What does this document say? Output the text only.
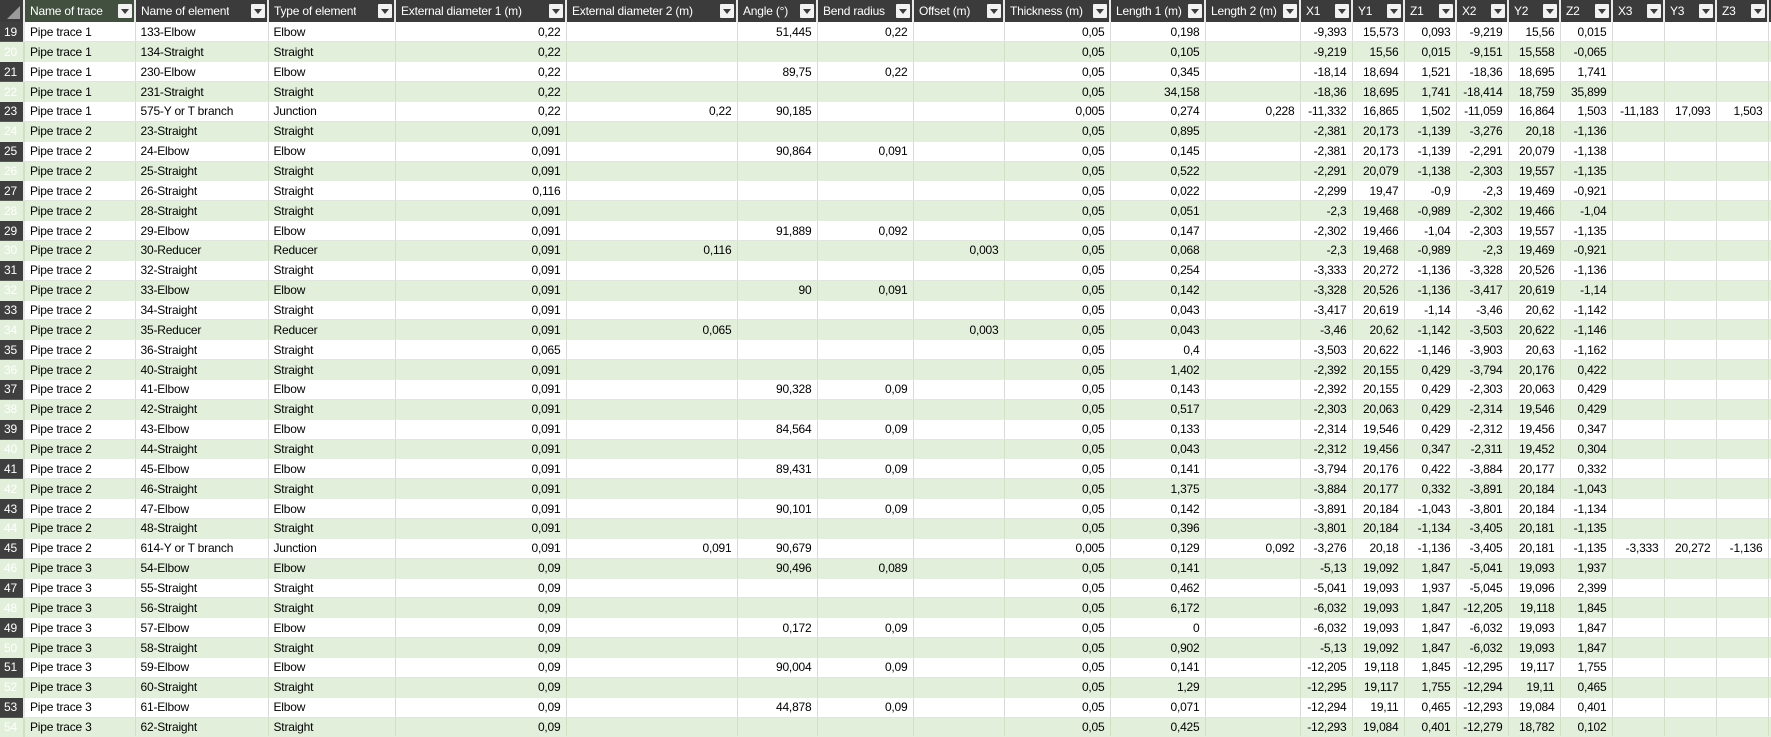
	Name of trace	Name of element	Type of element	External diameter 1 (m)	External diameter 2 (m)	Angle (°)	Bend radius	Offset (m)	Thickness (m)	Length 1 (m)	Length 2 (m)	X1	Y1	Z1	X2	Y2	Z2	X3	Y3	Z3	

19	Pipe trace 1	133-Elbow	Elbow	0,22		51,445	0,22		0,05	0,198		-9,393	15,573	0,093	-9,219	15,56	0,015				
20	Pipe trace 1	134-Straight	Straight	0,22					0,05	0,105		-9,219	15,56	0,015	-9,151	15,558	-0,065				
21	Pipe trace 1	230-Elbow	Elbow	0,22		89,75	0,22		0,05	0,345		-18,14	18,694	1,521	-18,36	18,695	1,741				
22	Pipe trace 1	231-Straight	Straight	0,22					0,05	34,158		-18,36	18,695	1,741	-18,414	18,759	35,899				
23	Pipe trace 1	575-Y or T branch	Junction	0,22	0,22	90,185			0,005	0,274	0,228	-11,332	16,865	1,502	-11,059	16,864	1,503	-11,183	17,093	1,503	
24	Pipe trace 2	23-Straight	Straight	0,091					0,05	0,895		-2,381	20,173	-1,139	-3,276	20,18	-1,136				
25	Pipe trace 2	24-Elbow	Elbow	0,091		90,864	0,091		0,05	0,145		-2,381	20,173	-1,139	-2,291	20,079	-1,138				
26	Pipe trace 2	25-Straight	Straight	0,091					0,05	0,522		-2,291	20,079	-1,138	-2,303	19,557	-1,135				
27	Pipe trace 2	26-Straight	Straight	0,116					0,05	0,022		-2,299	19,47	-0,9	-2,3	19,469	-0,921				
28	Pipe trace 2	28-Straight	Straight	0,091					0,05	0,051		-2,3	19,468	-0,989	-2,302	19,466	-1,04				
29	Pipe trace 2	29-Elbow	Elbow	0,091		91,889	0,092		0,05	0,147		-2,302	19,466	-1,04	-2,303	19,557	-1,135				
30	Pipe trace 2	30-Reducer	Reducer	0,091	0,116			0,003	0,05	0,068		-2,3	19,468	-0,989	-2,3	19,469	-0,921				
31	Pipe trace 2	32-Straight	Straight	0,091					0,05	0,254		-3,333	20,272	-1,136	-3,328	20,526	-1,136				
32	Pipe trace 2	33-Elbow	Elbow	0,091		90	0,091		0,05	0,142		-3,328	20,526	-1,136	-3,417	20,619	-1,14				
33	Pipe trace 2	34-Straight	Straight	0,091					0,05	0,043		-3,417	20,619	-1,14	-3,46	20,62	-1,142				
34	Pipe trace 2	35-Reducer	Reducer	0,091	0,065			0,003	0,05	0,043		-3,46	20,62	-1,142	-3,503	20,622	-1,146				
35	Pipe trace 2	36-Straight	Straight	0,065					0,05	0,4		-3,503	20,622	-1,146	-3,903	20,63	-1,162				
36	Pipe trace 2	40-Straight	Straight	0,091					0,05	1,402		-2,392	20,155	0,429	-3,794	20,176	0,422				
37	Pipe trace 2	41-Elbow	Elbow	0,091		90,328	0,09		0,05	0,143		-2,392	20,155	0,429	-2,303	20,063	0,429				
38	Pipe trace 2	42-Straight	Straight	0,091					0,05	0,517		-2,303	20,063	0,429	-2,314	19,546	0,429				
39	Pipe trace 2	43-Elbow	Elbow	0,091		84,564	0,09		0,05	0,133		-2,314	19,546	0,429	-2,312	19,456	0,347				
40	Pipe trace 2	44-Straight	Straight	0,091					0,05	0,043		-2,312	19,456	0,347	-2,311	19,452	0,304				
41	Pipe trace 2	45-Elbow	Elbow	0,091		89,431	0,09		0,05	0,141		-3,794	20,176	0,422	-3,884	20,177	0,332				
42	Pipe trace 2	46-Straight	Straight	0,091					0,05	1,375		-3,884	20,177	0,332	-3,891	20,184	-1,043				
43	Pipe trace 2	47-Elbow	Elbow	0,091		90,101	0,09		0,05	0,142		-3,891	20,184	-1,043	-3,801	20,184	-1,134				
44	Pipe trace 2	48-Straight	Straight	0,091					0,05	0,396		-3,801	20,184	-1,134	-3,405	20,181	-1,135				
45	Pipe trace 2	614-Y or T branch	Junction	0,091	0,091	90,679			0,005	0,129	0,092	-3,276	20,18	-1,136	-3,405	20,181	-1,135	-3,333	20,272	-1,136	
46	Pipe trace 3	54-Elbow	Elbow	0,09		90,496	0,089		0,05	0,141		-5,13	19,092	1,847	-5,041	19,093	1,937				
47	Pipe trace 3	55-Straight	Straight	0,09					0,05	0,462		-5,041	19,093	1,937	-5,045	19,096	2,399				
48	Pipe trace 3	56-Straight	Straight	0,09					0,05	6,172		-6,032	19,093	1,847	-12,205	19,118	1,845				
49	Pipe trace 3	57-Elbow	Elbow	0,09		0,172	0,09		0,05	0		-6,032	19,093	1,847	-6,032	19,093	1,847				
50	Pipe trace 3	58-Straight	Straight	0,09					0,05	0,902		-5,13	19,092	1,847	-6,032	19,093	1,847				
51	Pipe trace 3	59-Elbow	Elbow	0,09		90,004	0,09		0,05	0,141		-12,205	19,118	1,845	-12,295	19,117	1,755				
52	Pipe trace 3	60-Straight	Straight	0,09					0,05	1,29		-12,295	19,117	1,755	-12,294	19,11	0,465				
53	Pipe trace 3	61-Elbow	Elbow	0,09		44,878	0,09		0,05	0,071		-12,294	19,11	0,465	-12,293	19,084	0,401				
54	Pipe trace 3	62-Straight	Straight	0,09					0,05	0,425		-12,293	19,084	0,401	-12,279	18,782	0,102				
